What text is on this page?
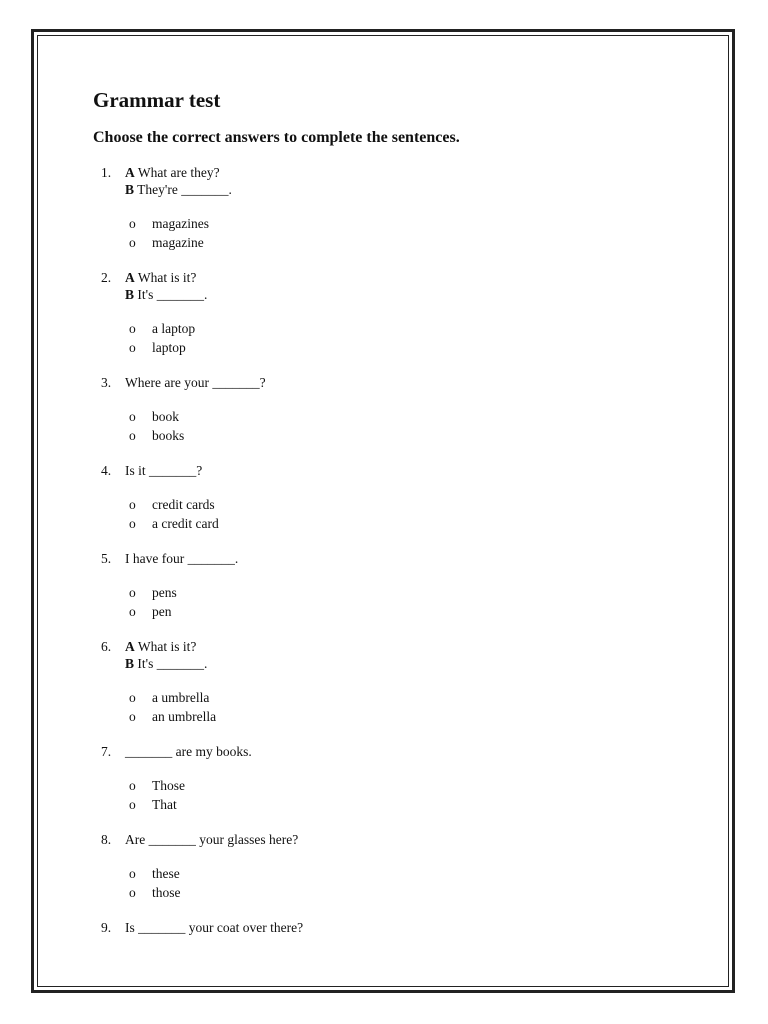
Grammar test

Choose the correct answers to complete the sentences.

1.	A What are they?
B They're _______.
o magazines
o magazine
2.	A What is it?
B It's _______.
o a laptop
o laptop
3.	Where are your _______?
o book
o books
4.	Is it _______?
o credit cards
o a credit card
5.	I have four _______.
o pens
o pen
6.	A What is it?
B It's _______.
o a umbrella
o an umbrella
7.	_______ are my books.
o Those
o That
8.	Are _______ your glasses here?
o these
o those
9.	Is _______ your coat over there?
